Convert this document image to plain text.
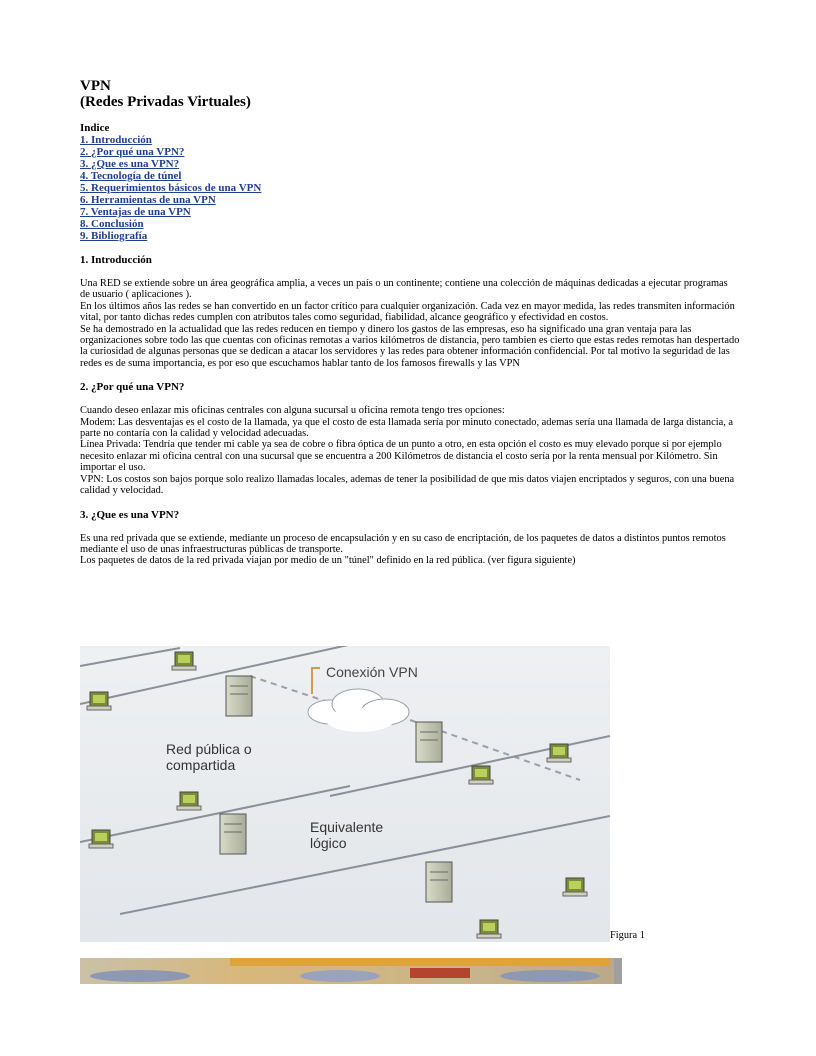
VPN
(Redes Privadas Virtuales)
Indice
1. Introducción
2. ¿Por qué una VPN?
3. ¿Que es una VPN?
4. Tecnología de túnel
5. Requerimientos básicos de una VPN
6. Herramientas de una VPN
7. Ventajas de una VPN
8. Conclusión
9. Bibliografía
1. Introducción

Una RED se extiende sobre un área geográfica amplia, a veces un país o un continente; contiene una colección de máquinas dedicadas a ejecutar programas de usuario ( aplicaciones ).

En los últimos años las redes se han convertido en un factor crítico para cualquier organización. Cada vez en mayor medida, las redes transmiten información vital, por tanto dichas redes cumplen con atributos tales como seguridad, fiabilidad, alcance geográfico y efectividad en costos.

Se ha demostrado en la actualidad que las redes reducen en tiempo y dinero los gastos de las empresas, eso ha significado una gran ventaja para las organizaciones sobre todo las que cuentas con oficinas remotas a varios kilómetros de distancia, pero tambien es cierto que estas redes remotas han despertado la curiosidad de algunas personas que se dedican a atacar los servidores y las redes para obtener información confidencial. Por tal motivo la seguridad de las redes es de suma importancia, es por eso que escuchamos hablar tanto de los famosos firewalls y las VPN

2. ¿Por qué una VPN?

Cuando deseo enlazar mis oficinas centrales con alguna sucursal u oficina remota tengo tres opciones:

Modem: Las desventajas es el costo de la llamada, ya que el costo de esta llamada sería por minuto conectado, ademas sería una llamada de larga distancia, a parte no contaría con la calidad y velocidad adecuadas.

Línea Privada: Tendría que tender mi cable ya sea de cobre o fibra óptica de un punto a otro, en esta opción el costo es muy elevado porque si por ejemplo necesito enlazar mi oficina central con una sucursal que se encuentra a 200 Kilómetros de distancia el costo sería por la renta mensual por Kilómetro. Sin importar el uso.

VPN: Los costos son bajos porque solo realizo llamadas locales, ademas de tener la posibilidad de que mis datos viajen encriptados y seguros, con una buena calidad y velocidad.

3. ¿Que es una VPN?

Es una red privada que se extiende, mediante un proceso de encapsulación y en su caso de encriptación, de los paquetes de datos a distintos puntos remotos mediante el uso de unas infraestructuras públicas de transporte.

Los paquetes de datos de la red privada viajan por medio de un "túnel" definido en la red pública. (ver figura siguiente)

Conexión VPN
Red pública o
compartida
Equivalente
lógico
Figura 1
